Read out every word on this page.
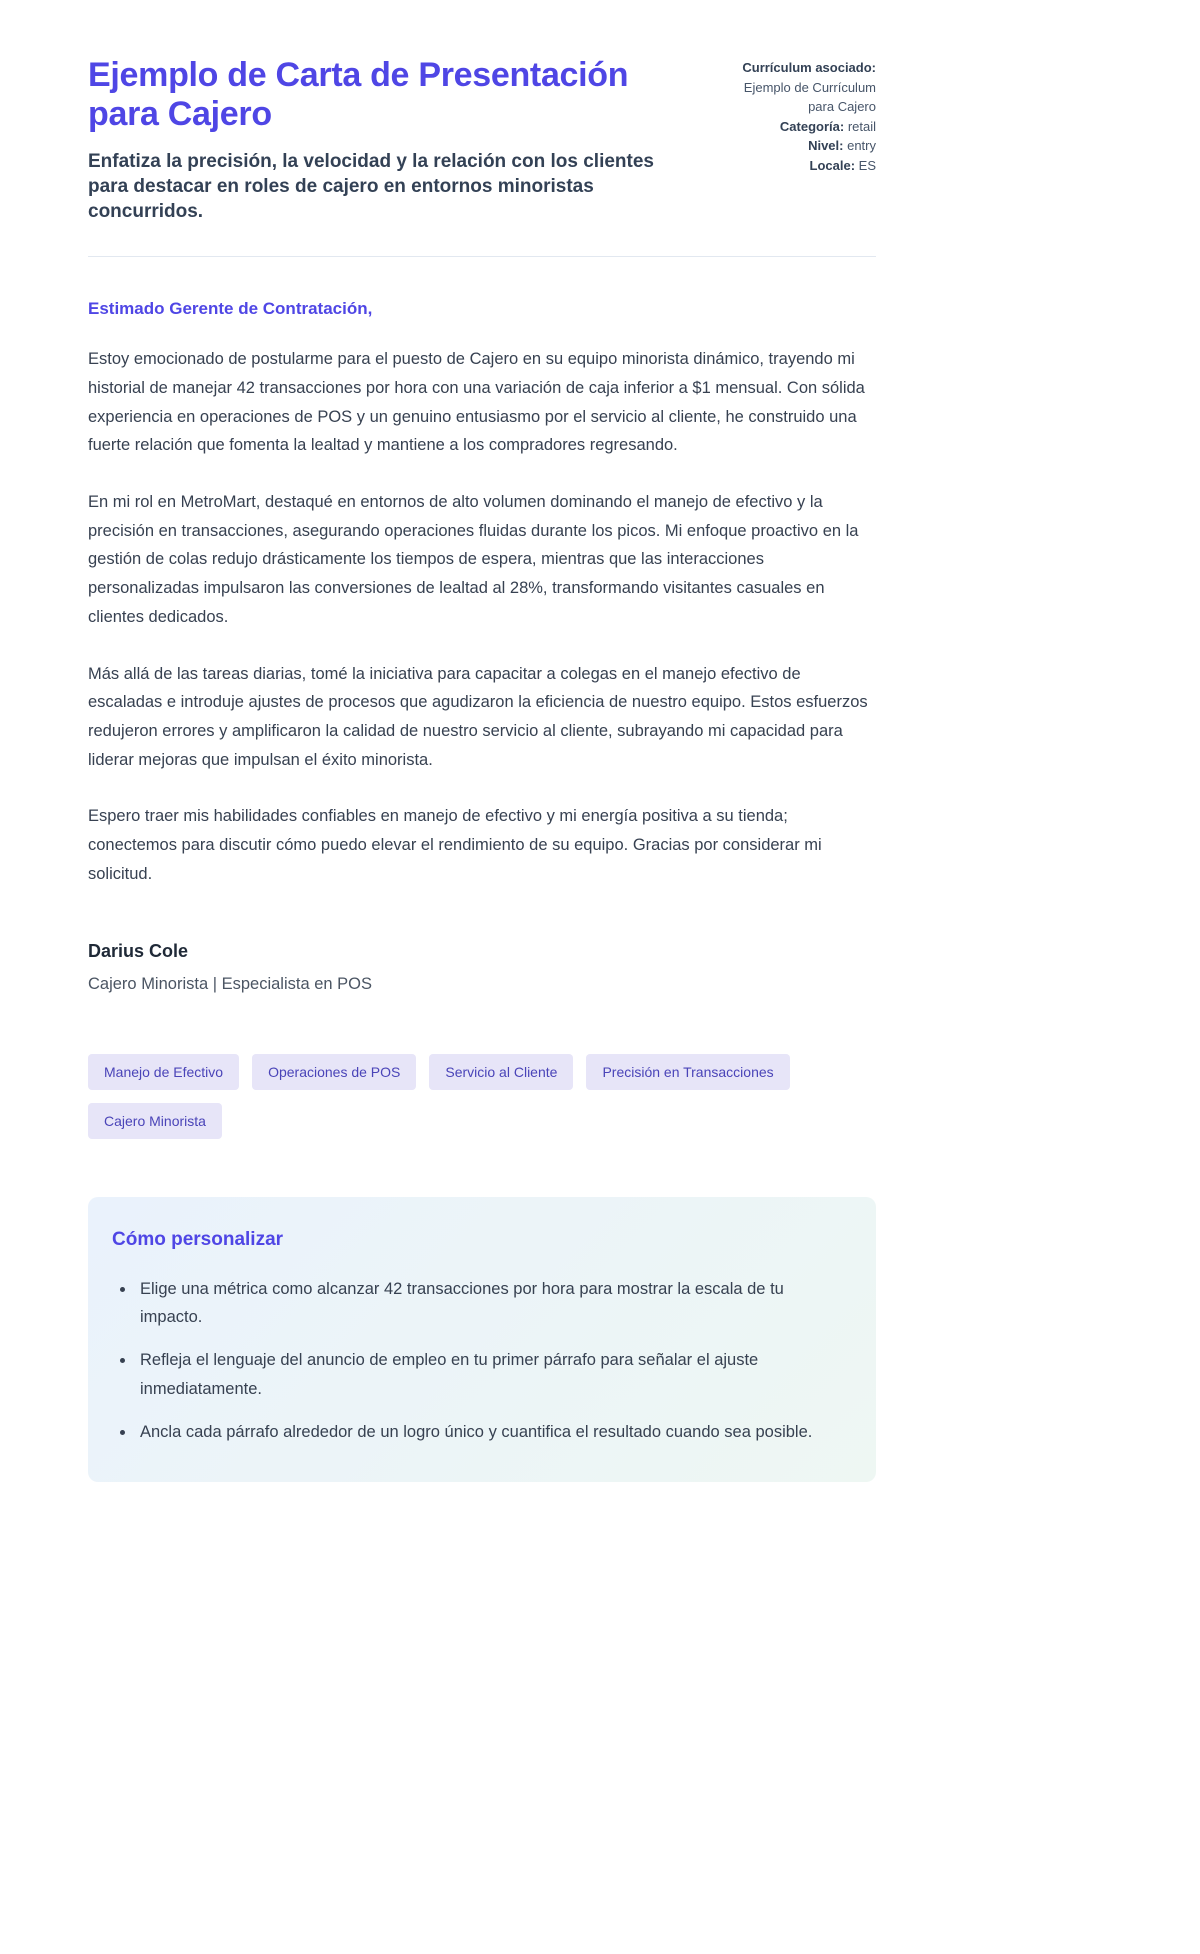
Ejemplo de Carta de Presentación para Cajero

Enfatiza la precisión, la velocidad y la relación con los clientes para destacar en roles de cajero en entornos minoristas concurridos.

Currículum asociado: Ejemplo de Currículum para Cajero
Categoría: retail
Nivel: entry
Locale: ES

Estimado Gerente de Contratación,

Estoy emocionado de postularme para el puesto de Cajero en su equipo minorista dinámico, trayendo mi historial de manejar 42 transacciones por hora con una variación de caja inferior a $1 mensual. Con sólida experiencia en operaciones de POS y un genuino entusiasmo por el servicio al cliente, he construido una fuerte relación que fomenta la lealtad y mantiene a los compradores regresando.

En mi rol en MetroMart, destaqué en entornos de alto volumen dominando el manejo de efectivo y la precisión en transacciones, asegurando operaciones fluidas durante los picos. Mi enfoque proactivo en la gestión de colas redujo drásticamente los tiempos de espera, mientras que las interacciones personalizadas impulsaron las conversiones de lealtad al 28%, transformando visitantes casuales en clientes dedicados.

Más allá de las tareas diarias, tomé la iniciativa para capacitar a colegas en el manejo efectivo de escaladas e introduje ajustes de procesos que agudizaron la eficiencia de nuestro equipo. Estos esfuerzos redujeron errores y amplificaron la calidad de nuestro servicio al cliente, subrayando mi capacidad para liderar mejoras que impulsan el éxito minorista.

Espero traer mis habilidades confiables en manejo de efectivo y mi energía positiva a su tienda; conectemos para discutir cómo puedo elevar el rendimiento de su equipo. Gracias por considerar mi solicitud.

Darius Cole

Cajero Minorista | Especialista en POS

Manejo de Efectivo	Operaciones de POS	Servicio al Cliente	Precisión en Transacciones
Cajero Minorista
Cómo personalizar
• Elige una métrica como alcanzar 42 transacciones por hora para mostrar la escala de tu impacto.
• Refleja el lenguaje del anuncio de empleo en tu primer párrafo para señalar el ajuste inmediatamente.
• Ancla cada párrafo alrededor de un logro único y cuantifica el resultado cuando sea posible.
